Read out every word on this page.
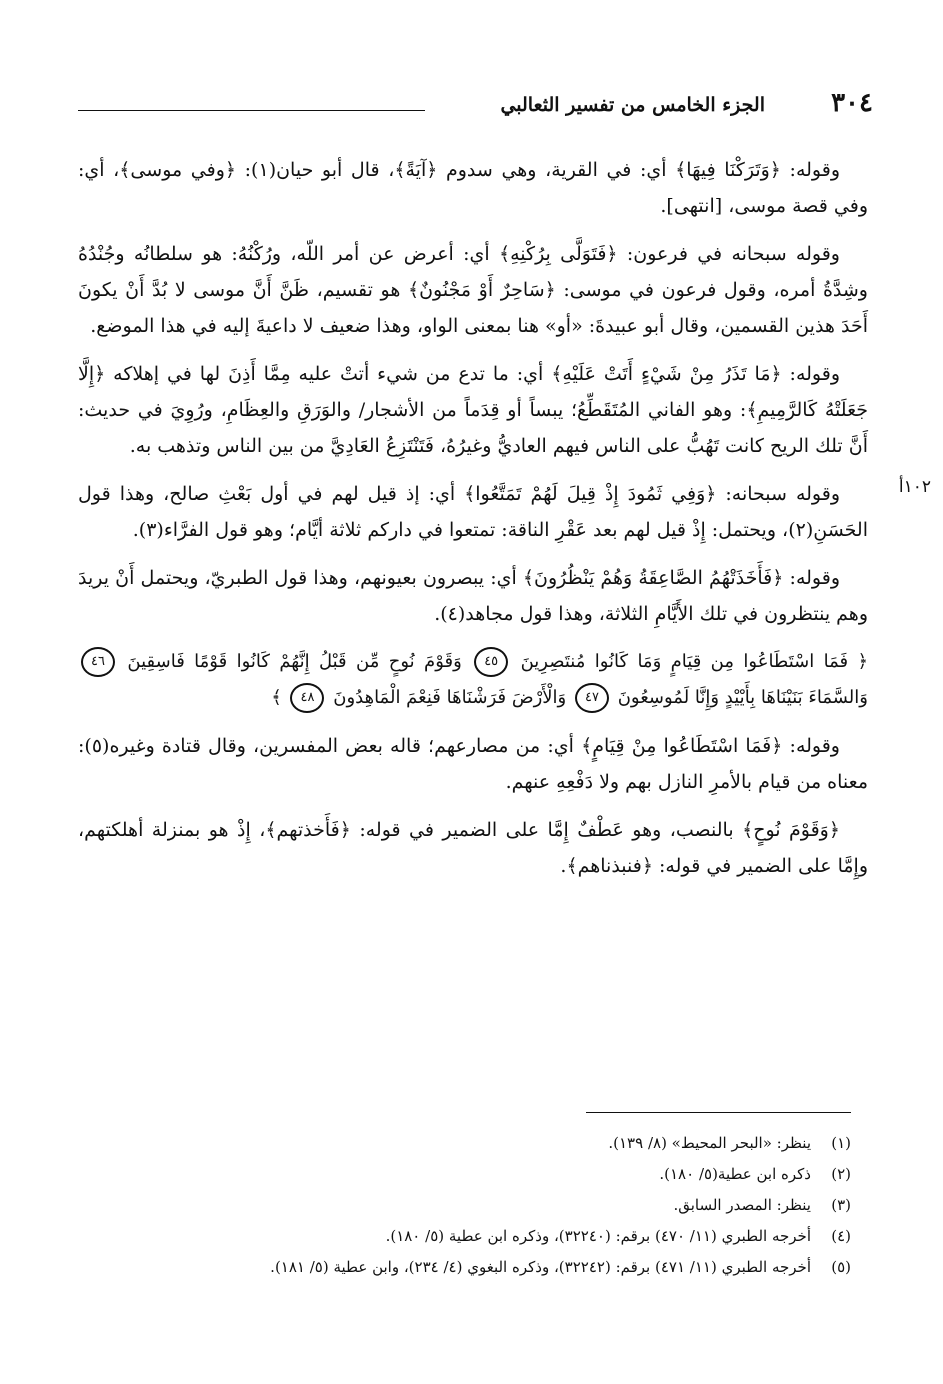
٣٠٤
الجزء الخامس من تفسير الثعالبي
١٠٢أ

وقوله: ﴿وَتَرَكْنَا فِيهَا﴾ أي: في القرية، وهي سدوم ﴿آيَةً﴾، قال أبو حيان(١): ﴿وفي موسى﴾، أي: وفي قصة موسى، [انتهى].

وقوله سبحانه في فرعون: ﴿فَتَوَلَّى بِرُكْنِهِ﴾ أي: أعرض عن أمر اللّه، ورُكْنُهُ: هو سلطانُه وجُنْدُهُ وشِدَّةُ أمره، وقول فرعون في موسى: ﴿سَاحِرٌ أَوْ مَجْنُونٌ﴾ هو تقسيم، ظَنَّ أَنَّ موسى لا بُدَّ أَنْ يكونَ أَحَدَ هذين القسمين، وقال أبو عبيدةَ: «أو» هنا بمعنى الواو، وهذا ضعيف لا داعيةَ إليه في هذا الموضع.

وقوله: ﴿مَا تَذَرُ مِنْ شَيْءٍ أَتَتْ عَلَيْهِ﴾ أي: ما تدع من شيء أتتْ عليه مِمَّا أَذِنَ لها في إهلاكه ﴿إِلَّا جَعَلَتْهُ كَالرَّمِيمِ﴾: وهو الفاني المُتَقَطِّعُ؛ يبساً أو قِدَماً من الأشجار/ والوَرَقِ والعِظَامِ، ورُوِيَ في حديث: أَنَّ تلك الريح كانت تَهُبُّ على الناس فيهم العاديُّ وغيرُهُ، فَتَنْتَزِعُ العَادِيَّ من بين الناس وتذهب به.

وقوله سبحانه: ﴿وَفِي ثَمُودَ إِذْ قِيلَ لَهُمْ تَمَتَّعُوا﴾ أي: إذ قيل لهم في أول بَعْثِ صالح، وهذا قول الحَسَنِ(٢)، ويحتمل: إِذْ قيل لهم بعد عَقْرِ الناقة: تمتعوا في داركم ثلاثة أيَّام؛ وهو قول الفرَّاء(٣).

وقوله: ﴿فَأَخَذَتْهُمُ الصَّاعِقَةُ وَهُمْ يَنْظُرُونَ﴾ أي: يبصرون بعيونهم، وهذا قول الطبريّ، ويحتمل أَنْ يريدَ وهم ينتظرون في تلك الأَيَّامِ الثلاثة، وهذا قول مجاهد(٤).

﴿ فَمَا اسْتَطَاعُوا مِن قِيَامٍ وَمَا كَانُوا مُنتَصِرِينَ ٤٥ وَقَوْمَ نُوحٍ مِّن قَبْلُ إِنَّهُمْ كَانُوا قَوْمًا فَاسِقِينَ ٤٦ وَالسَّمَاءَ بَنَيْنَاهَا بِأَيْيْدٍ وَإِنَّا لَمُوسِعُونَ ٤٧ وَالْأَرْضَ فَرَشْنَاهَا فَنِعْمَ الْمَاهِدُونَ ٤٨ ﴾

وقوله: ﴿فَمَا اسْتَطَاعُوا مِنْ قِيَامٍ﴾ أي: من مصارعهم؛ قاله بعض المفسرين، وقال قتادة وغيره(٥): معناه من قيام بالأمرِ النازل بهم ولا دَفْعِهِ عنهم.

﴿وَقَوْمَ نُوحٍ﴾ بالنصب، وهو عَطْفٌ إِمَّا على الضمير في قوله: ﴿فَأَخذتهم﴾، إِذْ هو بمنزلة أهلكتهم، وإِمَّا على الضمير في قوله: ﴿فنبذناهم﴾.

(١)ينظر: «البحر المحيط» (٨/ ١٣٩).
(٢)ذكره ابن عطية(٥/ ١٨٠).
(٣)ينظر: المصدر السابق.
(٤)أخرجه الطبري (١١/ ٤٧٠) برقم: (٣٢٢٤٠)، وذكره ابن عطية (٥/ ١٨٠).
(٥)أخرجه الطبري (١١/ ٤٧١) برقم: (٣٢٢٤٢)، وذكره البغوي (٤/ ٢٣٤)، وابن عطية (٥/ ١٨١).
